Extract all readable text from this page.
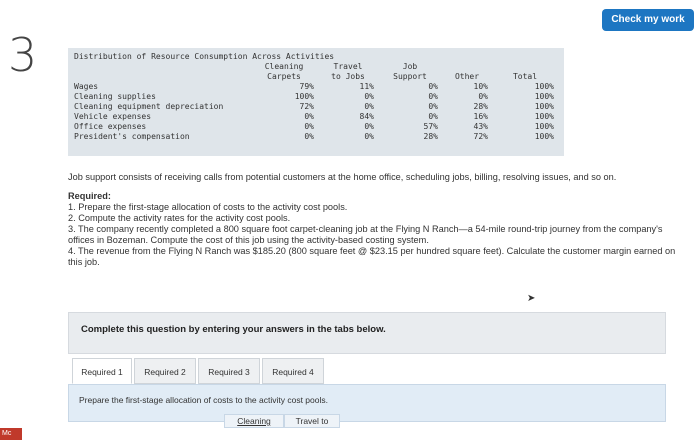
Check my work
3	Distribution of Resource Consumption Across Activities
	Cleaning	Travel	Job		
	Carpets	to Jobs	Support	Other	Total
Wages	79%	11%	0%	10%	100%
Cleaning supplies	100%	0%	0%	0%	100%
Cleaning equipment depreciation	72%	0%	0%	28%	100%
Vehicle expenses	0%	84%	0%	16%	100%
Office expenses	0%	0%	57%	43%	100%
President's compensation	0%	0%	28%	72%	100%

Job support consists of receiving calls from potential customers at the home office, scheduling jobs, billing, resolving issues, and so on.

Required:
1. Prepare the first-stage allocation of costs to the activity cost pools.
2. Compute the activity rates for the activity cost pools.
3. The company recently completed a 800 square foot carpet-cleaning job at the Flying N Ranch—a 54-mile round-trip journey from the company's offices in Bozeman. Compute the cost of this job using the activity-based costing system.
4. The revenue from the Flying N Ranch was $185.20 (800 square feet @ $23.15 per hundred square feet). Calculate the customer margin earned on this job.
➤
Complete this question by entering your answers in the tabs below.
Required 1	Required 2	Required 3	Required 4
Prepare the first-stage allocation of costs to the activity cost pools.
Cleaning	Travel to
Mc
